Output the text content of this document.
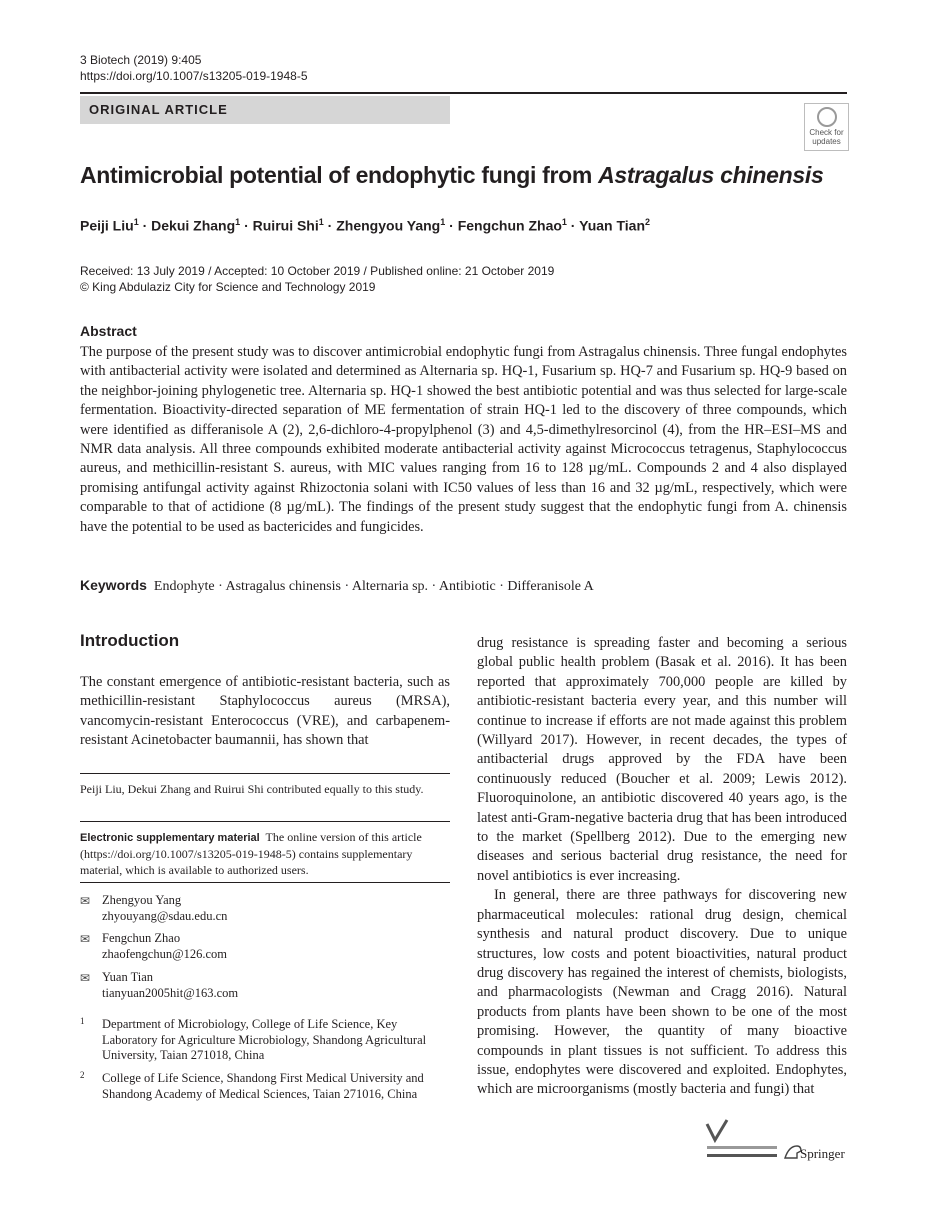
3 Biotech (2019) 9:405
https://doi.org/10.1007/s13205-019-1948-5
ORIGINAL ARTICLE
Check for
updates
Antimicrobial potential of endophytic fungi from Astragalus chinensis
Peiji Liu$^1$ · Dekui Zhang$^1$ · Ruirui Shi$^1$ · Zhengyou Yang$^1$ · Fengchun Zhao$^1$ · Yuan Tian$^2$
Received: 13 July 2019 / Accepted: 10 October 2019 / Published online: 21 October 2019
© King Abdulaziz City for Science and Technology 2019
Abstract
The purpose of the present study was to discover antimicrobial endophytic fungi from Astragalus chinensis. Three fungal endophytes with antibacterial activity were isolated and determined as Alternaria sp. HQ-1, Fusarium sp. HQ-7 and Fusarium sp. HQ-9 based on the neighbor-joining phylogenetic tree. Alternaria sp. HQ-1 showed the best antibiotic potential and was thus selected for large-scale fermentation. Bioactivity-directed separation of ME fermentation of strain HQ-1 led to the discovery of three compounds, which were identified as differanisole A (2), 2,6-dichloro-4-propylphenol (3) and 4,5-dimethylresorcinol (4), from the HR–ESI–MS and NMR data analysis. All three compounds exhibited moderate antibacterial activity against Micrococcus tetragenus, Staphylococcus aureus, and methicillin-resistant S. aureus, with MIC values ranging from 16 to 128 µg/mL. Compounds 2 and 4 also displayed promising antifungal activity against Rhizoctonia solani with IC50 values of less than 16 and 32 µg/mL, respectively, which were comparable to that of actidione (8 µg/mL). The findings of the present study suggest that the endophytic fungi from A. chinensis have the potential to be used as bactericides and fungicides.
Keywords Endophyte · Astragalus chinensis · Alternaria sp. · Antibiotic · Differanisole A
Introduction
The constant emergence of antibiotic-resistant bacteria, such as methicillin-resistant Staphylococcus aureus (MRSA), vancomycin-resistant Enterococcus (VRE), and carbapenem-resistant Acinetobacter baumannii, has shown that

drug resistance is spreading faster and becoming a serious global public health problem (Basak et al. 2016). It has been reported that approximately 700,000 people are killed by antibiotic-resistant bacteria every year, and this number will continue to increase if efforts are not made against this problem (Willyard 2017). However, in recent decades, the types of antibacterial drugs approved by the FDA have been continuously reduced (Boucher et al. 2009; Lewis 2012). Fluoroquinolone, an antibiotic discovered 40 years ago, is the latest anti-Gram-negative bacteria drug that has been introduced to the market (Spellberg 2012). Due to the emerging new diseases and serious bacterial drug resistance, the need for novel antibiotics is ever increasing.

In general, there are three pathways for discovering new pharmaceutical molecules: rational drug design, chemical synthesis and natural product discovery. Due to unique structures, low costs and potent bioactivities, natural product drug discovery has regained the interest of chemists, biologists, and pharmacologists (Newman and Cragg 2016). Natural products from plants have been shown to be one of the most promising. However, the quantity of many bioactive compounds in plant tissues is not sufficient. To address this issue, endophytes were discovered and exploited. Endophytes, which are microorganisms (mostly bacteria and fungi) that

Peiji Liu, Dekui Zhang and Ruirui Shi contributed equally to this study.
Electronic supplementary material The online version of this article (https://doi.org/10.1007/s13205-019-1948-5) contains supplementary material, which is available to authorized users.
✉ Zhengyou Yang
zhyouyang@sdau.edu.cn
✉ Fengchun Zhao
zhaofengchun@126.com
✉ Yuan Tian
tianyuan2005hit@163.com
1 Department of Microbiology, College of Life Science, Key Laboratory for Agriculture Microbiology, Shandong Agricultural University, Taian 271018, China
2 College of Life Science, Shandong First Medical University and Shandong Academy of Medical Sciences, Taian 271016, China
Springer
